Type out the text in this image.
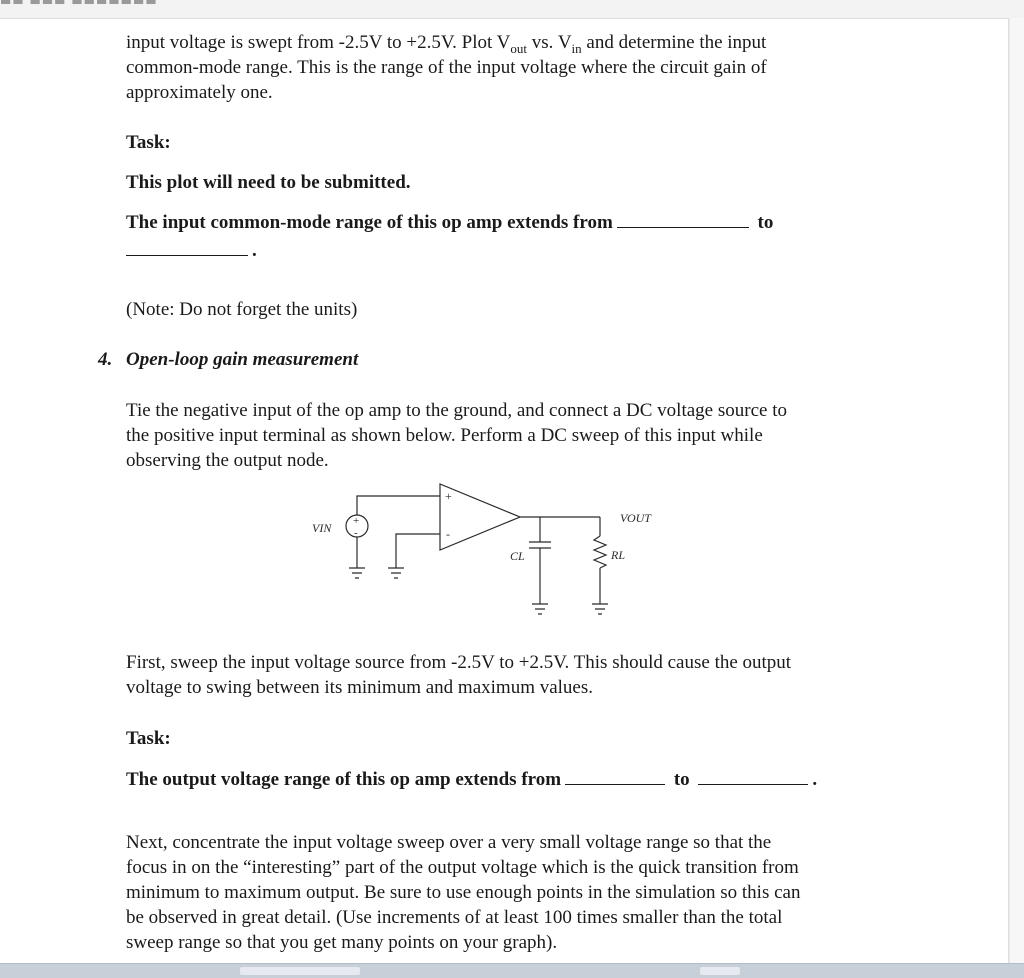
▬▬ ▬▬▬ ▬▬▬▬▬▬▬

input voltage is swept from -2.5V to +2.5V. Plot $V_{out}$ vs. $V_{in}$ and determine the input

common-mode range. This is the range of the input voltage where the circuit gain of

approximately one.

Task:

This plot will need to be submitted.

The input common-mode range of this op amp extends from	to

.

(Note: Do not forget the units)

4. Open-loop gain measurement

Tie the negative input of the op amp to the ground, and connect a DC voltage source to

the positive input terminal as shown below. Perform a DC sweep of this input while

observing the output node.

+
-
+
-
VIN
VOUT
CL	RL

First, sweep the input voltage source from -2.5V to +2.5V. This should cause the output

voltage to swing between its minimum and maximum values.

Task:

The output voltage range of this op amp extends from	to	.

Next, concentrate the input voltage sweep over a very small voltage range so that the

focus in on the “interesting” part of the output voltage which is the quick transition from

minimum to maximum output. Be sure to use enough points in the simulation so this can

be observed in great detail. (Use increments of at least 100 times smaller than the total

sweep range so that you get many points on your graph).
